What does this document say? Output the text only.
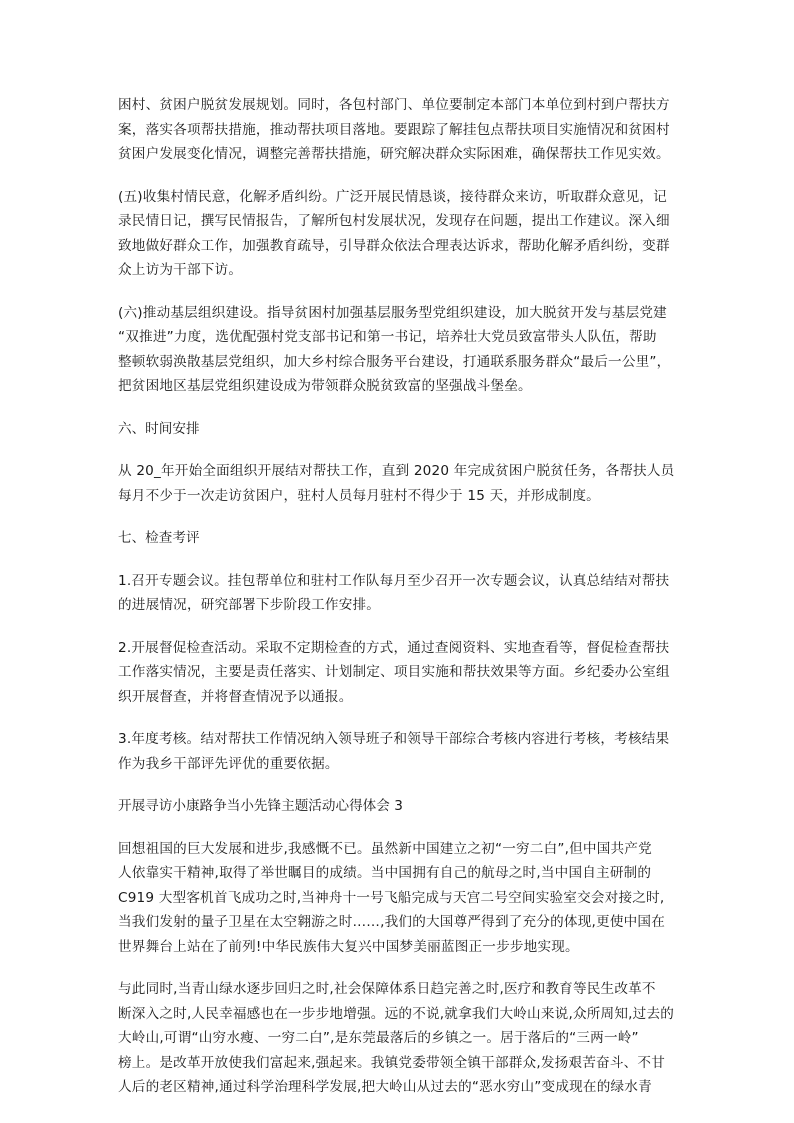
困村、贫困户脱贫发展规划。同时，各包村部门、单位要制定本部门本单位到村到户帮扶方
案，落实各项帮扶措施，推动帮扶项目落地。要跟踪了解挂包点帮扶项目实施情况和贫困村
贫困户发展变化情况，调整完善帮扶措施，研究解决群众实际困难，确保帮扶工作见实效。
(五)收集村情民意，化解矛盾纠纷。广泛开展民情恳谈，接待群众来访，听取群众意见，记
录民情日记，撰写民情报告，了解所包村发展状况，发现存在问题，提出工作建议。深入细
致地做好群众工作，加强教育疏导，引导群众依法合理表达诉求，帮助化解矛盾纠纷，变群
众上访为干部下访。
(六)推动基层组织建设。指导贫困村加强基层服务型党组织建设，加大脱贫开发与基层党建
“双推进”力度，选优配强村党支部书记和第一书记，培养壮大党员致富带头人队伍，帮助
整顿软弱涣散基层党组织，加大乡村综合服务平台建设，打通联系服务群众“最后一公里”，
把贫困地区基层党组织建设成为带领群众脱贫致富的坚强战斗堡垒。
六、时间安排
从 20_年开始全面组织开展结对帮扶工作，直到 2020 年完成贫困户脱贫任务，各帮扶人员
每月不少于一次走访贫困户，驻村人员每月驻村不得少于 15 天，并形成制度。
七、检查考评
1.召开专题会议。挂包帮单位和驻村工作队每月至少召开一次专题会议，认真总结结对帮扶
的进展情况，研究部署下步阶段工作安排。
2.开展督促检查活动。采取不定期检查的方式，通过查阅资料、实地查看等，督促检查帮扶
工作落实情况，主要是责任落实、计划制定、项目实施和帮扶效果等方面。乡纪委办公室组
织开展督查，并将督查情况予以通报。
3.年度考核。结对帮扶工作情况纳入领导班子和领导干部综合考核内容进行考核，考核结果
作为我乡干部评先评优的重要依据。
开展寻访小康路争当小先锋主题活动心得体会 3
回想祖国的巨大发展和进步,我感慨不已。虽然新中国建立之初“一穷二白”,但中国共产党
人依靠实干精神,取得了举世瞩目的成绩。当中国拥有自己的航母之时,当中国自主研制的
C919 大型客机首飞成功之时,当神舟十一号飞船完成与天宫二号空间实验室交会对接之时,
当我们发射的量子卫星在太空翱游之时……,我们的大国尊严得到了充分的体现,更使中国在
世界舞台上站在了前列!中华民族伟大复兴中国梦美丽蓝图正一步步地实现。
与此同时,当青山绿水逐步回归之时,社会保障体系日趋完善之时,医疗和教育等民生改革不
断深入之时,人民幸福感也在一步步地增强。远的不说,就拿我们大岭山来说,众所周知,过去的
大岭山,可谓“山穷水瘦、一穷二白”,是东莞最落后的乡镇之一。居于落后的“三两一岭”
榜上。是改革开放使我们富起来,强起来。我镇党委带领全镇干部群众,发扬艰苦奋斗、不甘
人后的老区精神,通过科学治理科学发展,把大岭山从过去的“恶水穷山”变成现在的绿水青
